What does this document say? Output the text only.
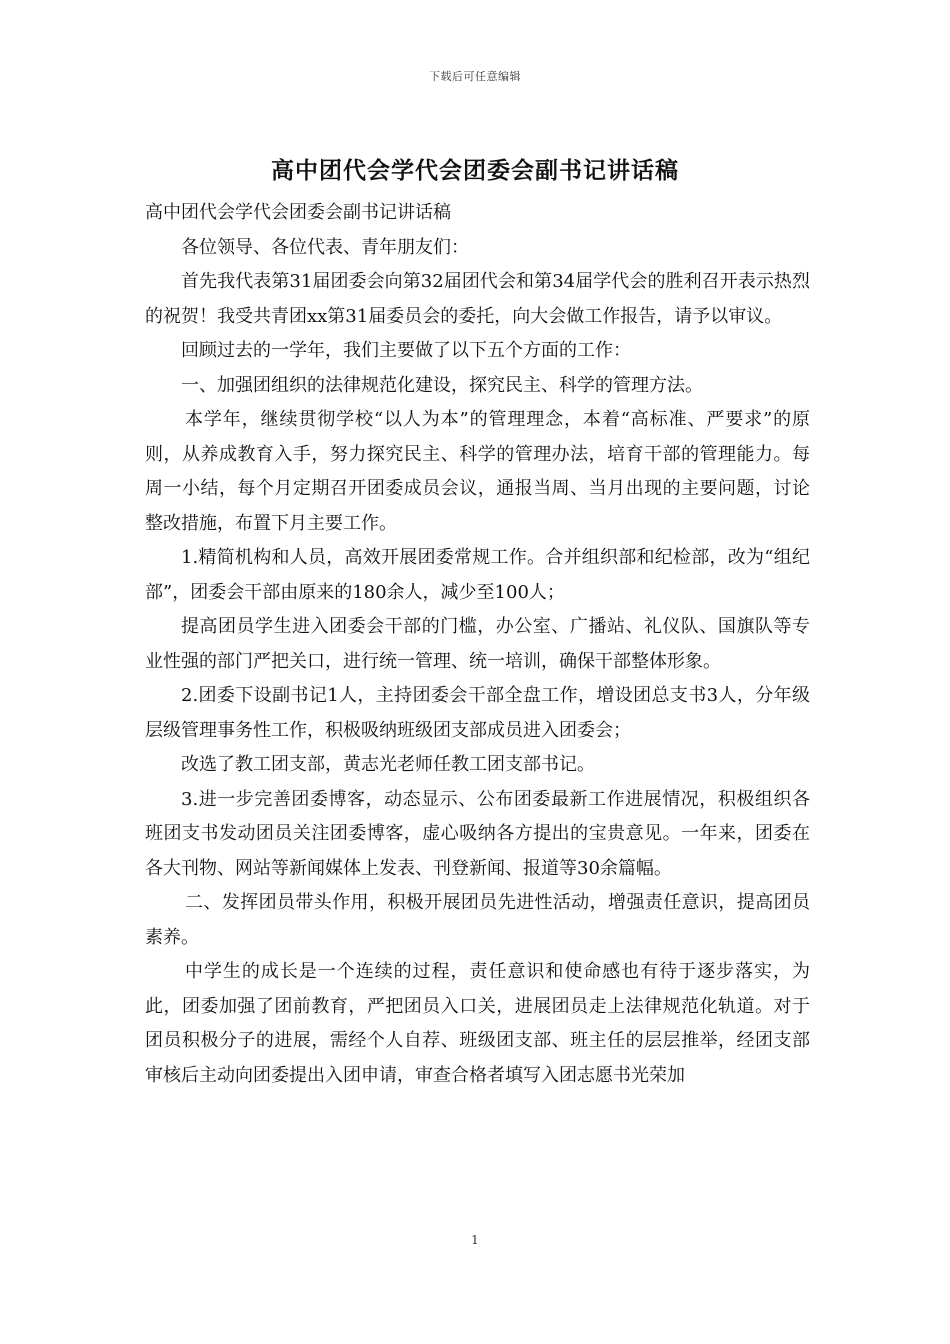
下载后可任意编辑
高中团代会学代会团委会副书记讲话稿

高中团代会学代会团委会副书记讲话稿

各位领导、各位代表、青年朋友们：

首先我代表第31届团委会向第32届团代会和第34届学代会的胜利召开表示热烈的祝贺！我受共青团xx第31届委员会的委托，向大会做工作报告，请予以审议。

回顾过去的一学年，我们主要做了以下五个方面的工作：

一、加强团组织的法律规范化建设，探究民主、科学的管理方法。

本学年，继续贯彻学校“以人为本”的管理理念，本着“高标准、严要求”的原则，从养成教育入手，努力探究民主、科学的管理办法，培育干部的管理能力。每周一小结，每个月定期召开团委成员会议，通报当周、当月出现的主要问题，讨论整改措施，布置下月主要工作。

1.精简机构和人员，高效开展团委常规工作。合并组织部和纪检部，改为“组纪部”，团委会干部由原来的180余人，减少至100人；

提高团员学生进入团委会干部的门槛，办公室、广播站、礼仪队、国旗队等专业性强的部门严把关口，进行统一管理、统一培训，确保干部整体形象。

2.团委下设副书记1人，主持团委会干部全盘工作，增设团总支书3人，分年级层级管理事务性工作，积极吸纳班级团支部成员进入团委会；

改选了教工团支部，黄志光老师任教工团支部书记。

3.进一步完善团委博客，动态显示、公布团委最新工作进展情况，积极组织各班团支书发动团员关注团委博客，虚心吸纳各方提出的宝贵意见。一年来，团委在各大刊物、网站等新闻媒体上发表、刊登新闻、报道等30余篇幅。

二、发挥团员带头作用，积极开展团员先进性活动，增强责任意识，提高团员素养。

中学生的成长是一个连续的过程，责任意识和使命感也有待于逐步落实，为此，团委加强了团前教育，严把团员入口关，进展团员走上法律规范化轨道。对于团员积极分子的进展，需经个人自荐、班级团支部、班主任的层层推举，经团支部审核后主动向团委提出入团申请，审查合格者填写入团志愿书光荣加

1
